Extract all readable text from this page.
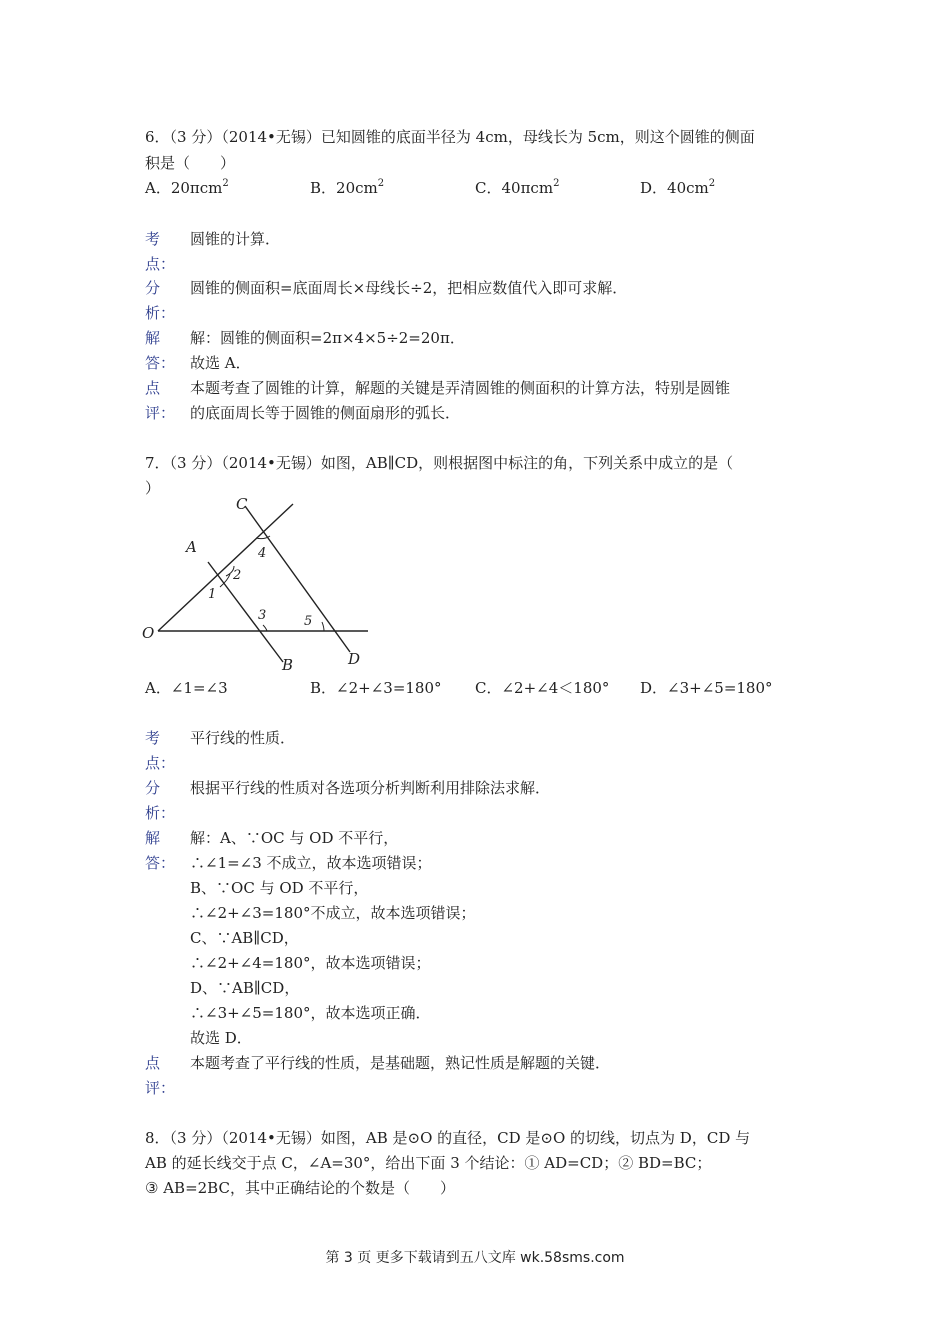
6．（3 分）（2014•无锡）已知圆锥的底面半径为 4cm，母线长为 5cm，则这个圆锥的侧面
积是（　　）
A．20πcm$^2$	B．$20cm^2$	C．40πcm$^2$	D．$40cm^2$
考
点：
圆锥的计算．
分
析：
圆锥的侧面积=底面周长×母线长÷2，把相应数值代入即可求解．
解
答：
解：圆锥的侧面积=2π×4×5÷2=20π．
故选 A．
点
评：
本题考查了圆锥的计算，解题的关键是弄清圆锥的侧面积的计算方法，特别是圆锥
的底面周长等于圆锥的侧面扇形的弧长．
7．（3 分）（2014•无锡）如图，AB∥CD，则根据图中标注的角，下列关系中成立的是（
）
O
A
B
C
D
1
2
3
4
5
A．∠1=∠3	B．∠2+∠3=180° C．∠2+∠4＜180° D．∠3+∠5=180°
考
点：
平行线的性质．
分
析：
根据平行线的性质对各选项分析判断利用排除法求解．
解
答：
解：A、∵OC 与 OD 不平行，
∴∠1=∠3 不成立，故本选项错误；
B、∵OC 与 OD 不平行，
∴∠2+∠3=180°不成立，故本选项错误；
C、∵AB∥CD，
∴∠2+∠4=180°，故本选项错误；
D、∵AB∥CD，
∴∠3+∠5=180°，故本选项正确．
故选 D．
点
评：
本题考查了平行线的性质，是基础题，熟记性质是解题的关键．
8．（3 分）（2014•无锡）如图，AB 是⊙O 的直径，CD 是⊙O 的切线，切点为 D，CD 与
AB 的延长线交于点 C，∠A=30°，给出下面 3 个结论：① AD=CD；② BD=BC；
③ AB=2BC，其中正确结论的个数是（　　）
第 3 页 更多下载请到五八文库 wk.58sms.com
